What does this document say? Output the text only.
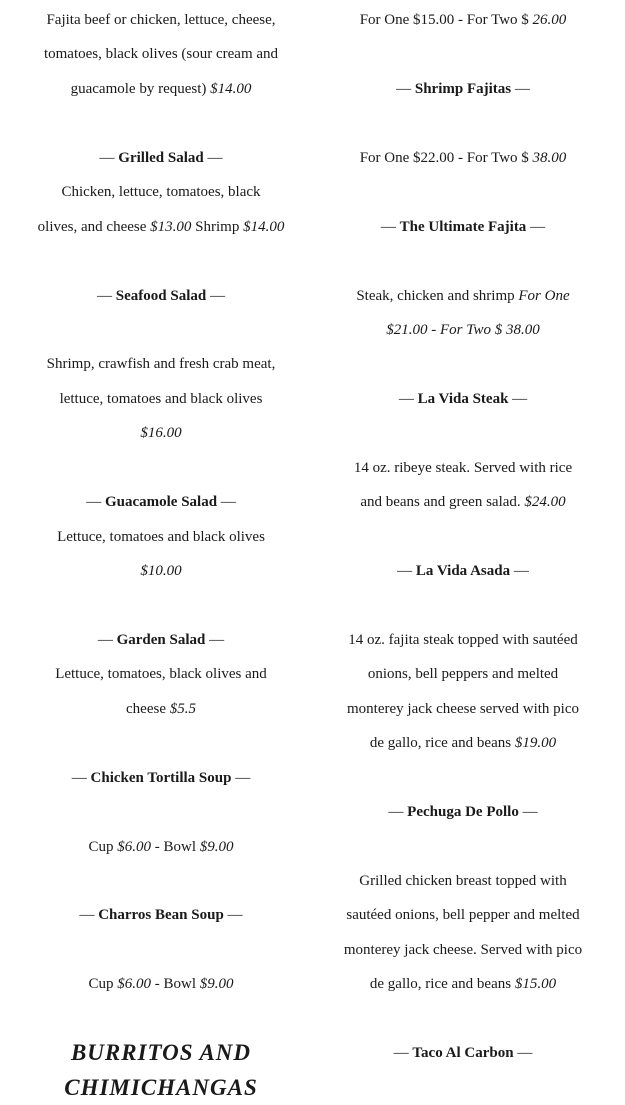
Fajita beef or chicken, lettuce, cheese,
tomatoes, black olives (sour cream and
guacamole by request) $14.00
— Grilled Salad —
Chicken, lettuce, tomatoes, black
olives, and cheese $13.00 Shrimp $14.00
— Seafood Salad —
Shrimp, crawfish and fresh crab meat,
lettuce, tomatoes and black olives
$16.00
— Guacamole Salad —
Lettuce, tomatoes and black olives
$10.00
— Garden Salad —
Lettuce, tomatoes, black olives and
cheese $5.5
— Chicken Tortilla Soup —
Cup $6.00 - Bowl $9.00
— Charros Bean Soup —
Cup $6.00 - Bowl $9.00
BURRITOS AND
CHIMICHANGAS
For One $15.00 - For Two $ 26.00
— Shrimp Fajitas —
For One $22.00 - For Two $ 38.00
— The Ultimate Fajita —
Steak, chicken and shrimp For One
$21.00 - For Two $ 38.00
— La Vida Steak —
14 oz. ribeye steak. Served with rice
and beans and green salad. $24.00
— La Vida Asada —
14 oz. fajita steak topped with sautéed
onions, bell peppers and melted
monterey jack cheese served with pico
de gallo, rice and beans $19.00
— Pechuga De Pollo —
Grilled chicken breast topped with
sautéed onions, bell pepper and melted
monterey jack cheese. Served with pico
de gallo, rice and beans $15.00
— Taco Al Carbon —
